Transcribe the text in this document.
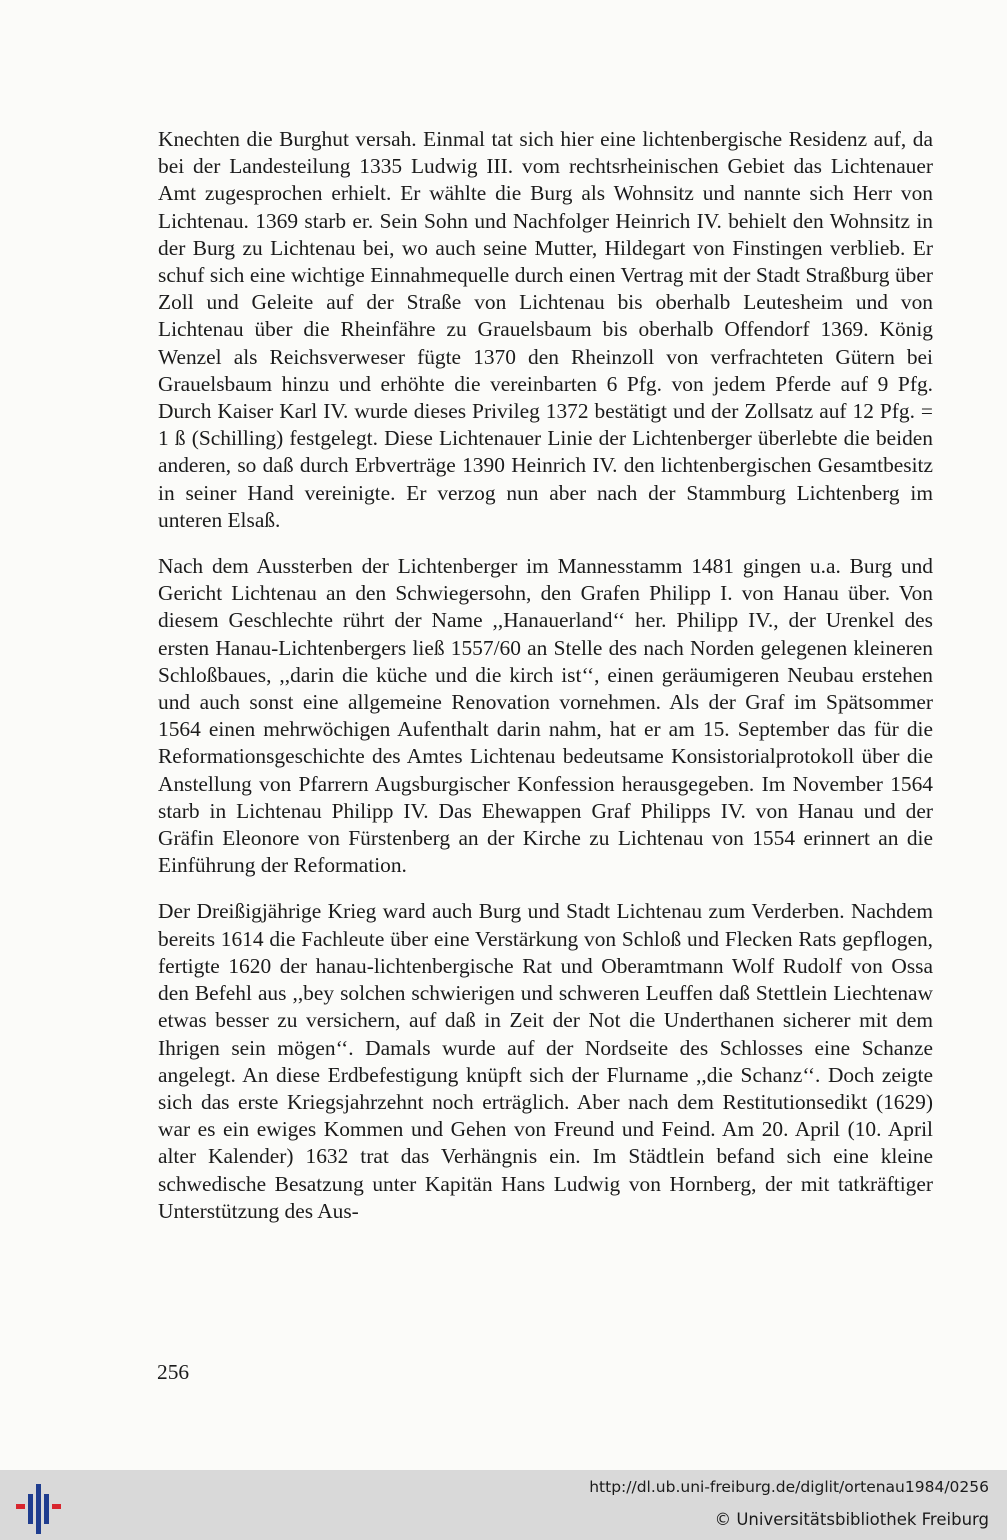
Knechten die Burghut versah. Einmal tat sich hier eine lichtenbergische Residenz auf, da bei der Landesteilung 1335 Ludwig III. vom rechtsrheinischen Gebiet das Lichtenauer Amt zugesprochen erhielt. Er wählte die Burg als Wohnsitz und nannte sich Herr von Lichtenau. 1369 starb er. Sein Sohn und Nachfolger Heinrich IV. behielt den Wohnsitz in der Burg zu Lichtenau bei, wo auch seine Mutter, Hildegart von Finstingen verblieb. Er schuf sich eine wichtige Einnahmequelle durch einen Vertrag mit der Stadt Straßburg über Zoll und Geleite auf der Straße von Lichtenau bis oberhalb Leutesheim und von Lichtenau über die Rheinfähre zu Grauelsbaum bis oberhalb Offendorf 1369. König Wenzel als Reichsverweser fügte 1370 den Rheinzoll von verfrachteten Gütern bei Grauelsbaum hinzu und erhöhte die vereinbarten 6 Pfg. von jedem Pferde auf 9 Pfg. Durch Kaiser Karl IV. wurde dieses Privileg 1372 bestätigt und der Zollsatz auf 12 Pfg. = 1 ß (Schilling) festgelegt. Diese Lichtenauer Linie der Lichtenberger überlebte die beiden anderen, so daß durch Erbverträge 1390 Heinrich IV. den lichtenbergischen Gesamtbesitz in seiner Hand vereinigte. Er verzog nun aber nach der Stammburg Lichtenberg im unteren Elsaß.

Nach dem Aussterben der Lichtenberger im Mannesstamm 1481 gingen u.a. Burg und Gericht Lichtenau an den Schwiegersohn, den Grafen Philipp I. von Hanau über. Von diesem Geschlechte rührt der Name ,,Hanauerland‘‘ her. Philipp IV., der Urenkel des ersten Hanau-Lichtenbergers ließ 1557/60 an Stelle des nach Norden gelegenen kleineren Schloßbaues, ,,darin die küche und die kirch ist‘‘, einen geräumigeren Neubau erstehen und auch sonst eine allgemeine Renovation vornehmen. Als der Graf im Spätsommer 1564 einen mehrwöchigen Aufenthalt darin nahm, hat er am 15. September das für die Reformationsgeschichte des Amtes Lichtenau bedeutsame Konsistorialprotokoll über die Anstellung von Pfarrern Augsburgischer Konfession herausgegeben. Im November 1564 starb in Lichtenau Philipp IV. Das Ehewappen Graf Philipps IV. von Hanau und der Gräfin Eleonore von Fürstenberg an der Kirche zu Lichtenau von 1554 erinnert an die Einführung der Reformation.

Der Dreißigjährige Krieg ward auch Burg und Stadt Lichtenau zum Verderben. Nachdem bereits 1614 die Fachleute über eine Verstärkung von Schloß und Flecken Rats gepflogen, fertigte 1620 der hanau-lichtenbergische Rat und Oberamtmann Wolf Rudolf von Ossa den Befehl aus ,,bey solchen schwierigen und schweren Leuffen daß Stettlein Liechtenaw etwas besser zu versichern, auf daß in Zeit der Not die Underthanen sicherer mit dem Ihrigen sein mögen‘‘. Damals wurde auf der Nordseite des Schlosses eine Schanze angelegt. An diese Erdbefestigung knüpft sich der Flurname ,,die Schanz‘‘. Doch zeigte sich das erste Kriegsjahrzehnt noch erträglich. Aber nach dem Restitutionsedikt (1629) war es ein ewiges Kommen und Gehen von Freund und Feind. Am 20. April (10. April alter Kalender) 1632 trat das Verhängnis ein. Im Städtlein befand sich eine kleine schwedische Besatzung unter Kapitän Hans Ludwig von Hornberg, der mit tatkräftiger Unterstützung des Aus-

256
http://dl.ub.uni-freiburg.de/diglit/ortenau1984/0256
© Universitätsbibliothek Freiburg
